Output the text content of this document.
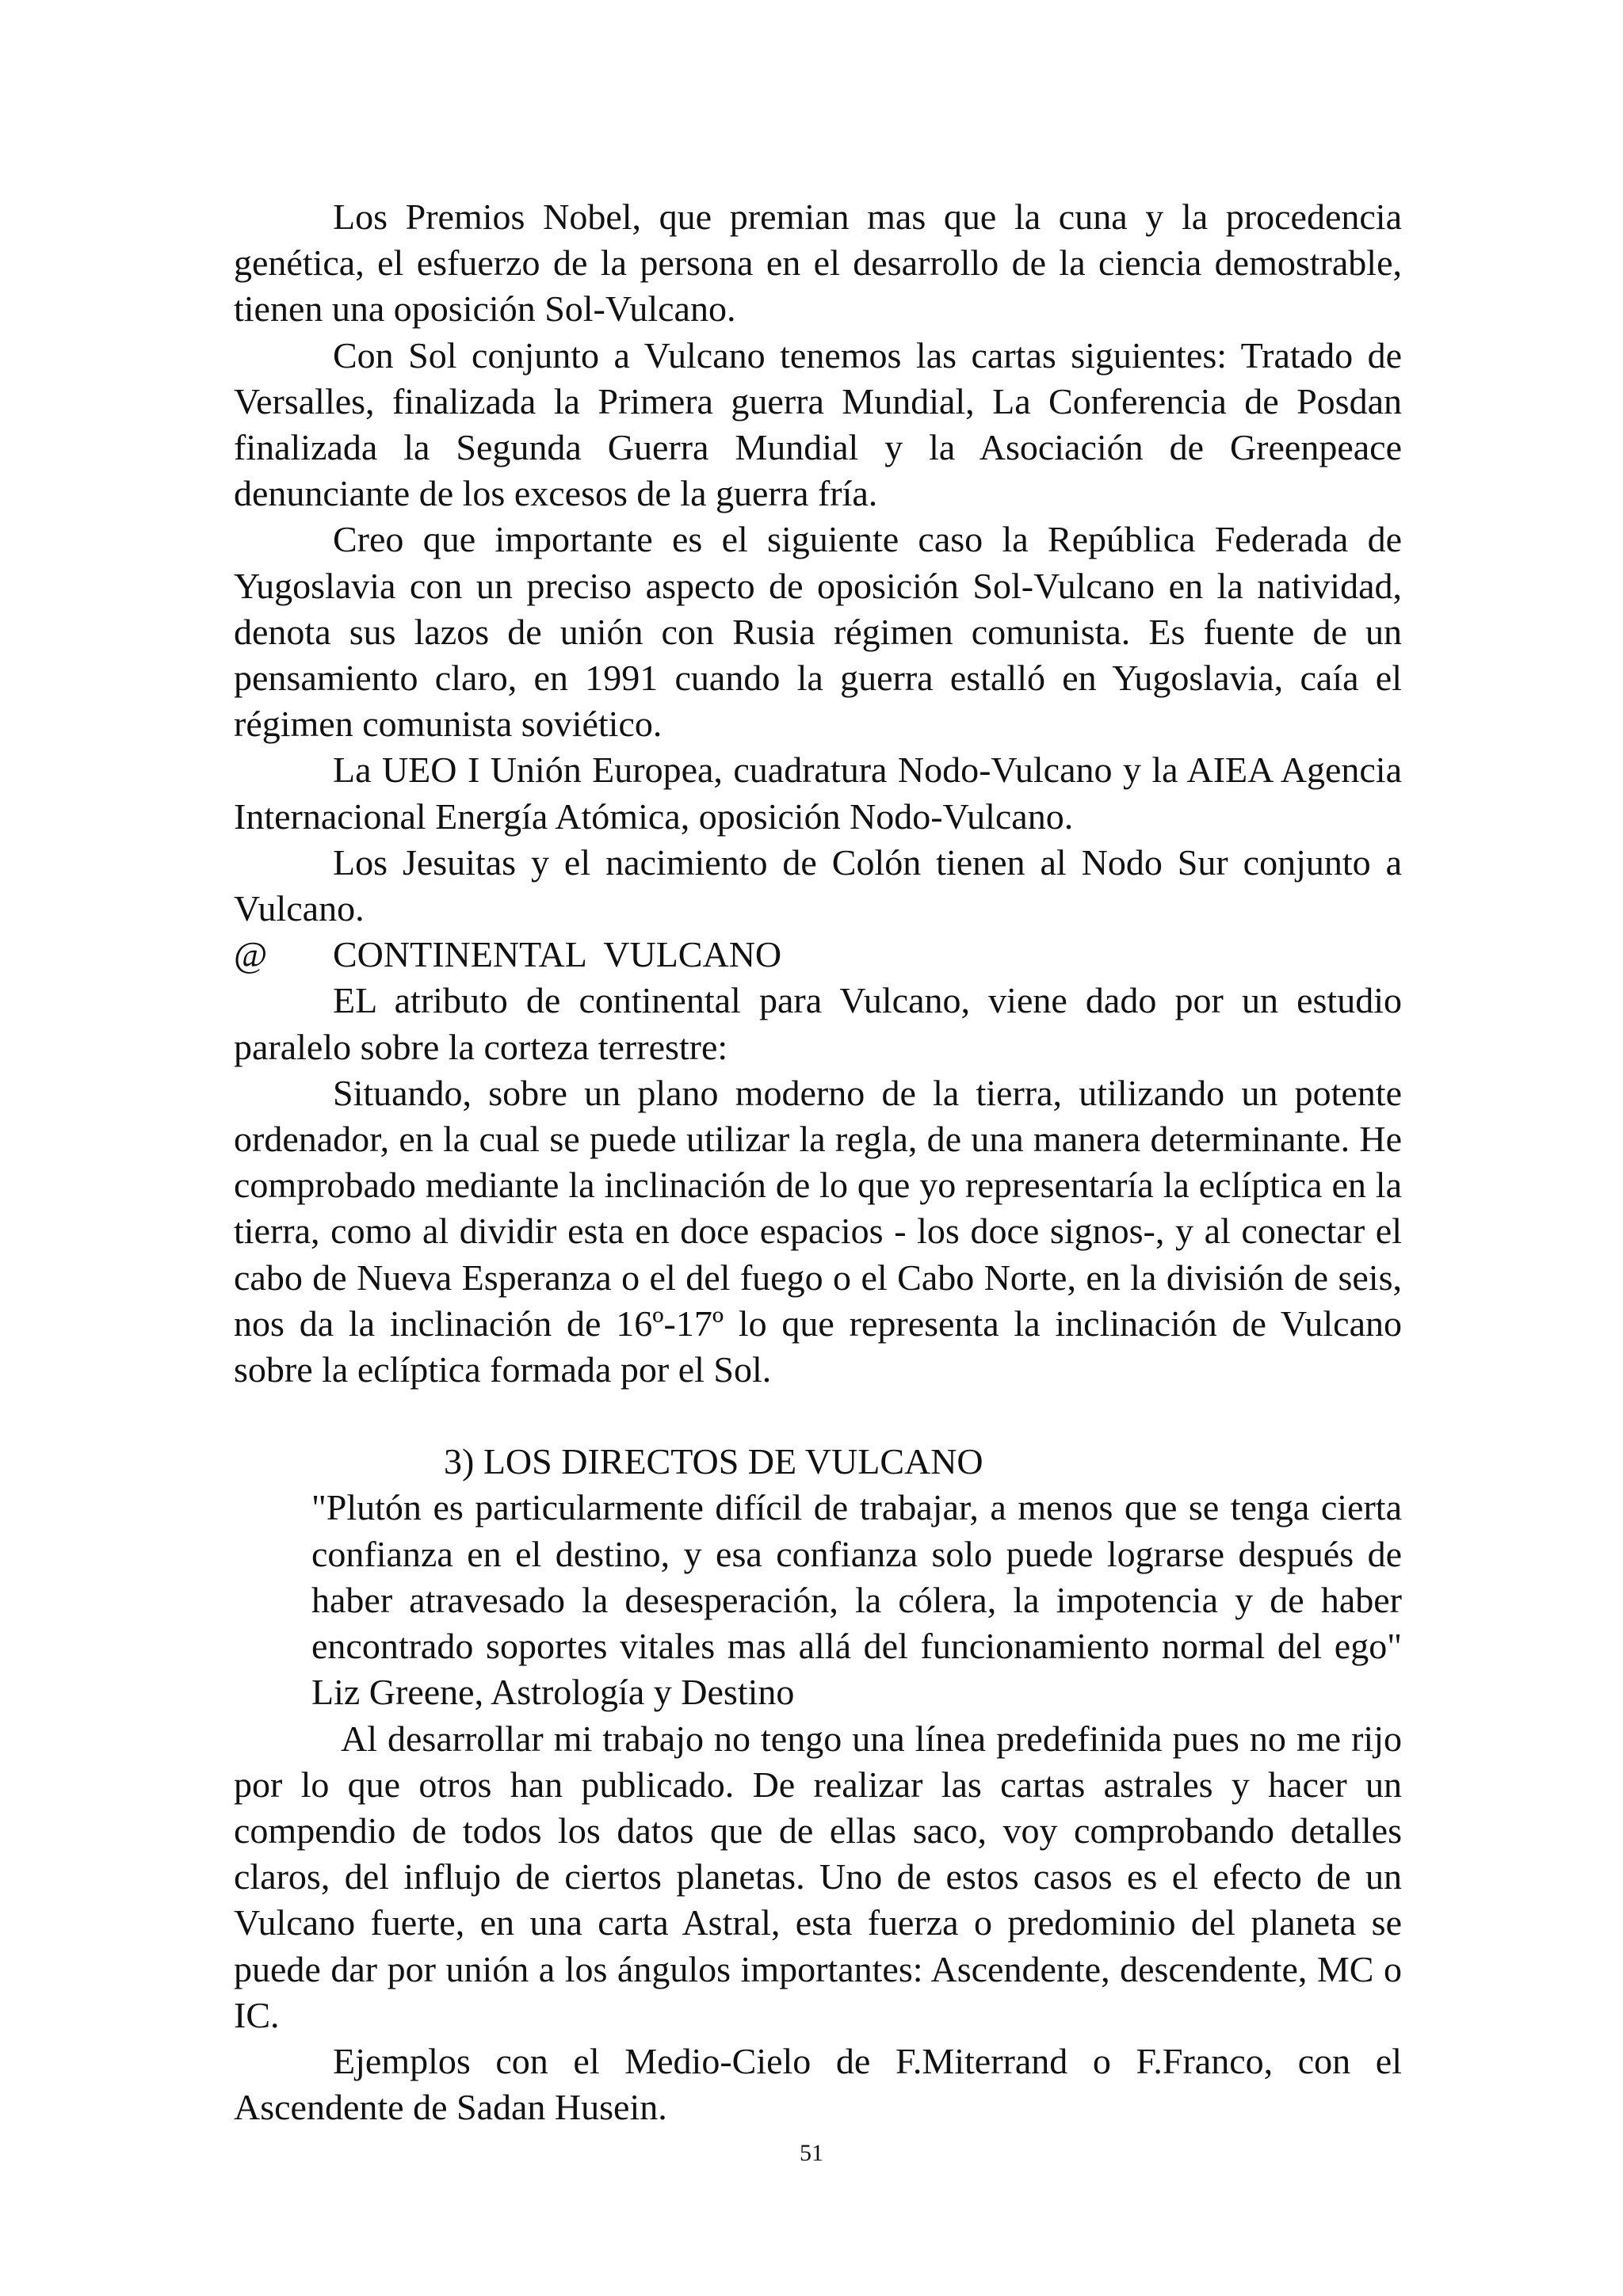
Los Premios Nobel, que premian mas que la cuna y la procedencia genética, el esfuerzo de la persona en el desarrollo de la ciencia demostrable, tienen una oposición Sol-Vulcano.

Con Sol conjunto a Vulcano tenemos las cartas siguientes: Tratado de Versalles, finalizada la Primera guerra Mundial, La Conferencia de Posdan finalizada la Segunda Guerra Mundial y la Asociación de Greenpeace denunciante de los excesos de la guerra fría.

Creo que importante es el siguiente caso la República Federada de Yugoslavia con un preciso aspecto de oposición Sol-Vulcano en la natividad, denota sus lazos de unión con Rusia régimen comunista. Es fuente de un pensamiento claro, en 1991 cuando la guerra estalló en Yugoslavia, caía el régimen comunista soviético.

La UEO I Unión Europea, cuadratura Nodo-Vulcano y la AIEA Agencia Internacional Energía Atómica, oposición Nodo-Vulcano.

Los Jesuitas y el nacimiento de Colón tienen al Nodo Sur conjunto a Vulcano.

@	CONTINENTAL  VULCANO

EL atributo de continental para Vulcano, viene dado por un estudio paralelo sobre la corteza terrestre:

Situando, sobre un plano moderno de la tierra, utilizando un potente ordenador, en la cual se puede utilizar la regla, de una manera determinante. He comprobado mediante la inclinación de lo que yo representaría la eclíptica en la tierra, como al dividir esta en doce espacios - los doce signos-, y al conectar el cabo de Nueva Esperanza o el del fuego o el Cabo Norte, en la división de seis, nos da la inclinación de 16º-17º lo que representa la inclinación de Vulcano sobre la eclíptica formada por el Sol.

3) LOS DIRECTOS DE VULCANO

"Plutón es particularmente difícil de trabajar, a menos que se tenga cierta confianza en el destino, y esa confianza solo puede lograrse después de haber atravesado la desesperación, la cólera, la impotencia y de haber encontrado soportes vitales mas allá del funcionamiento normal del ego" Liz Greene, Astrología y Destino

Al desarrollar mi trabajo no tengo una línea predefinida pues no me rijo por lo que otros han publicado. De realizar las cartas astrales y hacer un compendio de todos los datos que de ellas saco, voy comprobando detalles claros, del influjo de ciertos planetas. Uno de estos casos es el efecto de un Vulcano fuerte, en una carta Astral, esta fuerza o predominio del planeta se puede dar por unión a los ángulos importantes: Ascendente, descendente, MC o IC.

Ejemplos con el Medio-Cielo de F.Miterrand o F.Franco, con el Ascendente de Sadan Husein.

51
